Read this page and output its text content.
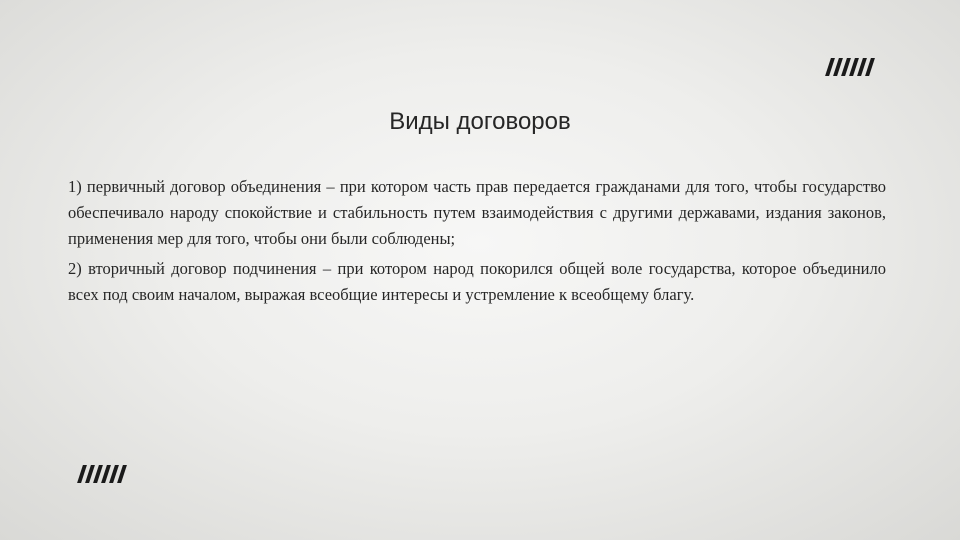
Виды договоров

1) первичный договор объединения – при котором часть прав передается гражданами для того, чтобы государство обеспечивало народу спокойствие и стабильность путем взаимодействия с другими державами, издания законов, применения мер для того, чтобы они были соблюдены;

2) вторичный договор подчинения – при котором народ покорился общей воле государства, которое объединило всех под своим началом, выражая всеобщие интересы и устремление к всеобщему благу.
